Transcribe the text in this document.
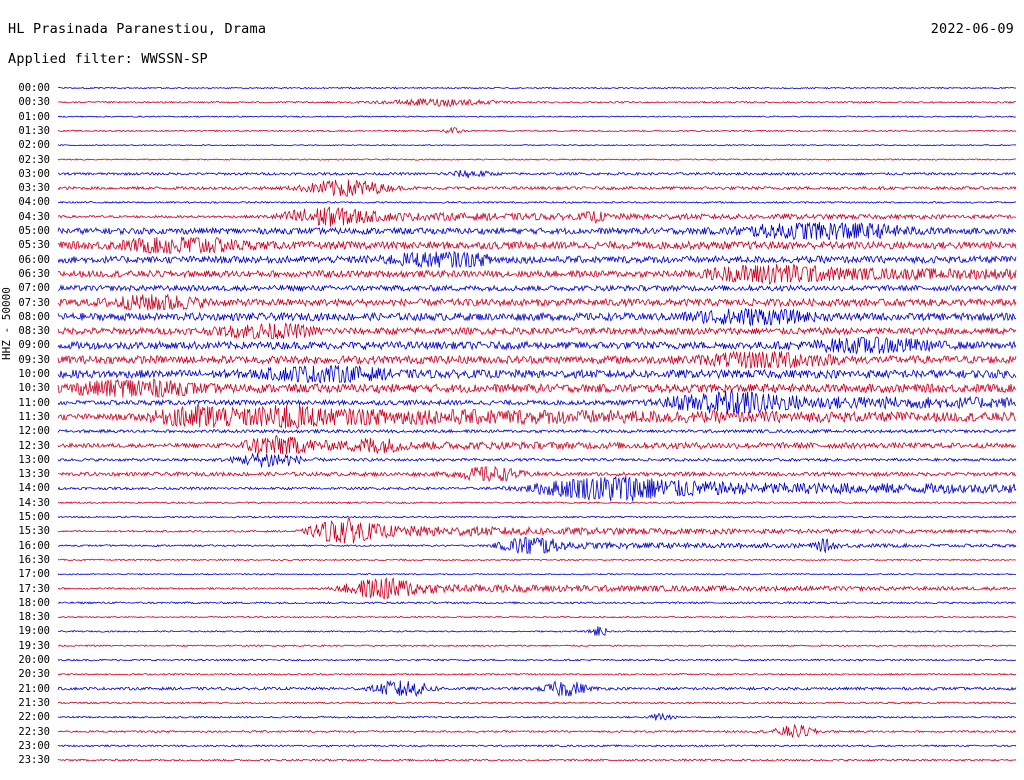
HL Prasinada Paranestiou, Drama	2022-06-09
Applied filter: WWSSN-SP
HHZ - 50000
00:00
00:30
01:00
01:30
02:00
02:30
03:00
03:30
04:00
04:30
05:00
05:30
06:00
06:30
07:00
07:30
08:00
08:30
09:00
09:30
10:00
10:30
11:00
11:30
12:00
12:30
13:00
13:30
14:00
14:30
15:00
15:30
16:00
16:30
17:00
17:30
18:00
18:30
19:00
19:30
20:00
20:30
21:00
21:30
22:00
22:30
23:00
23:30
